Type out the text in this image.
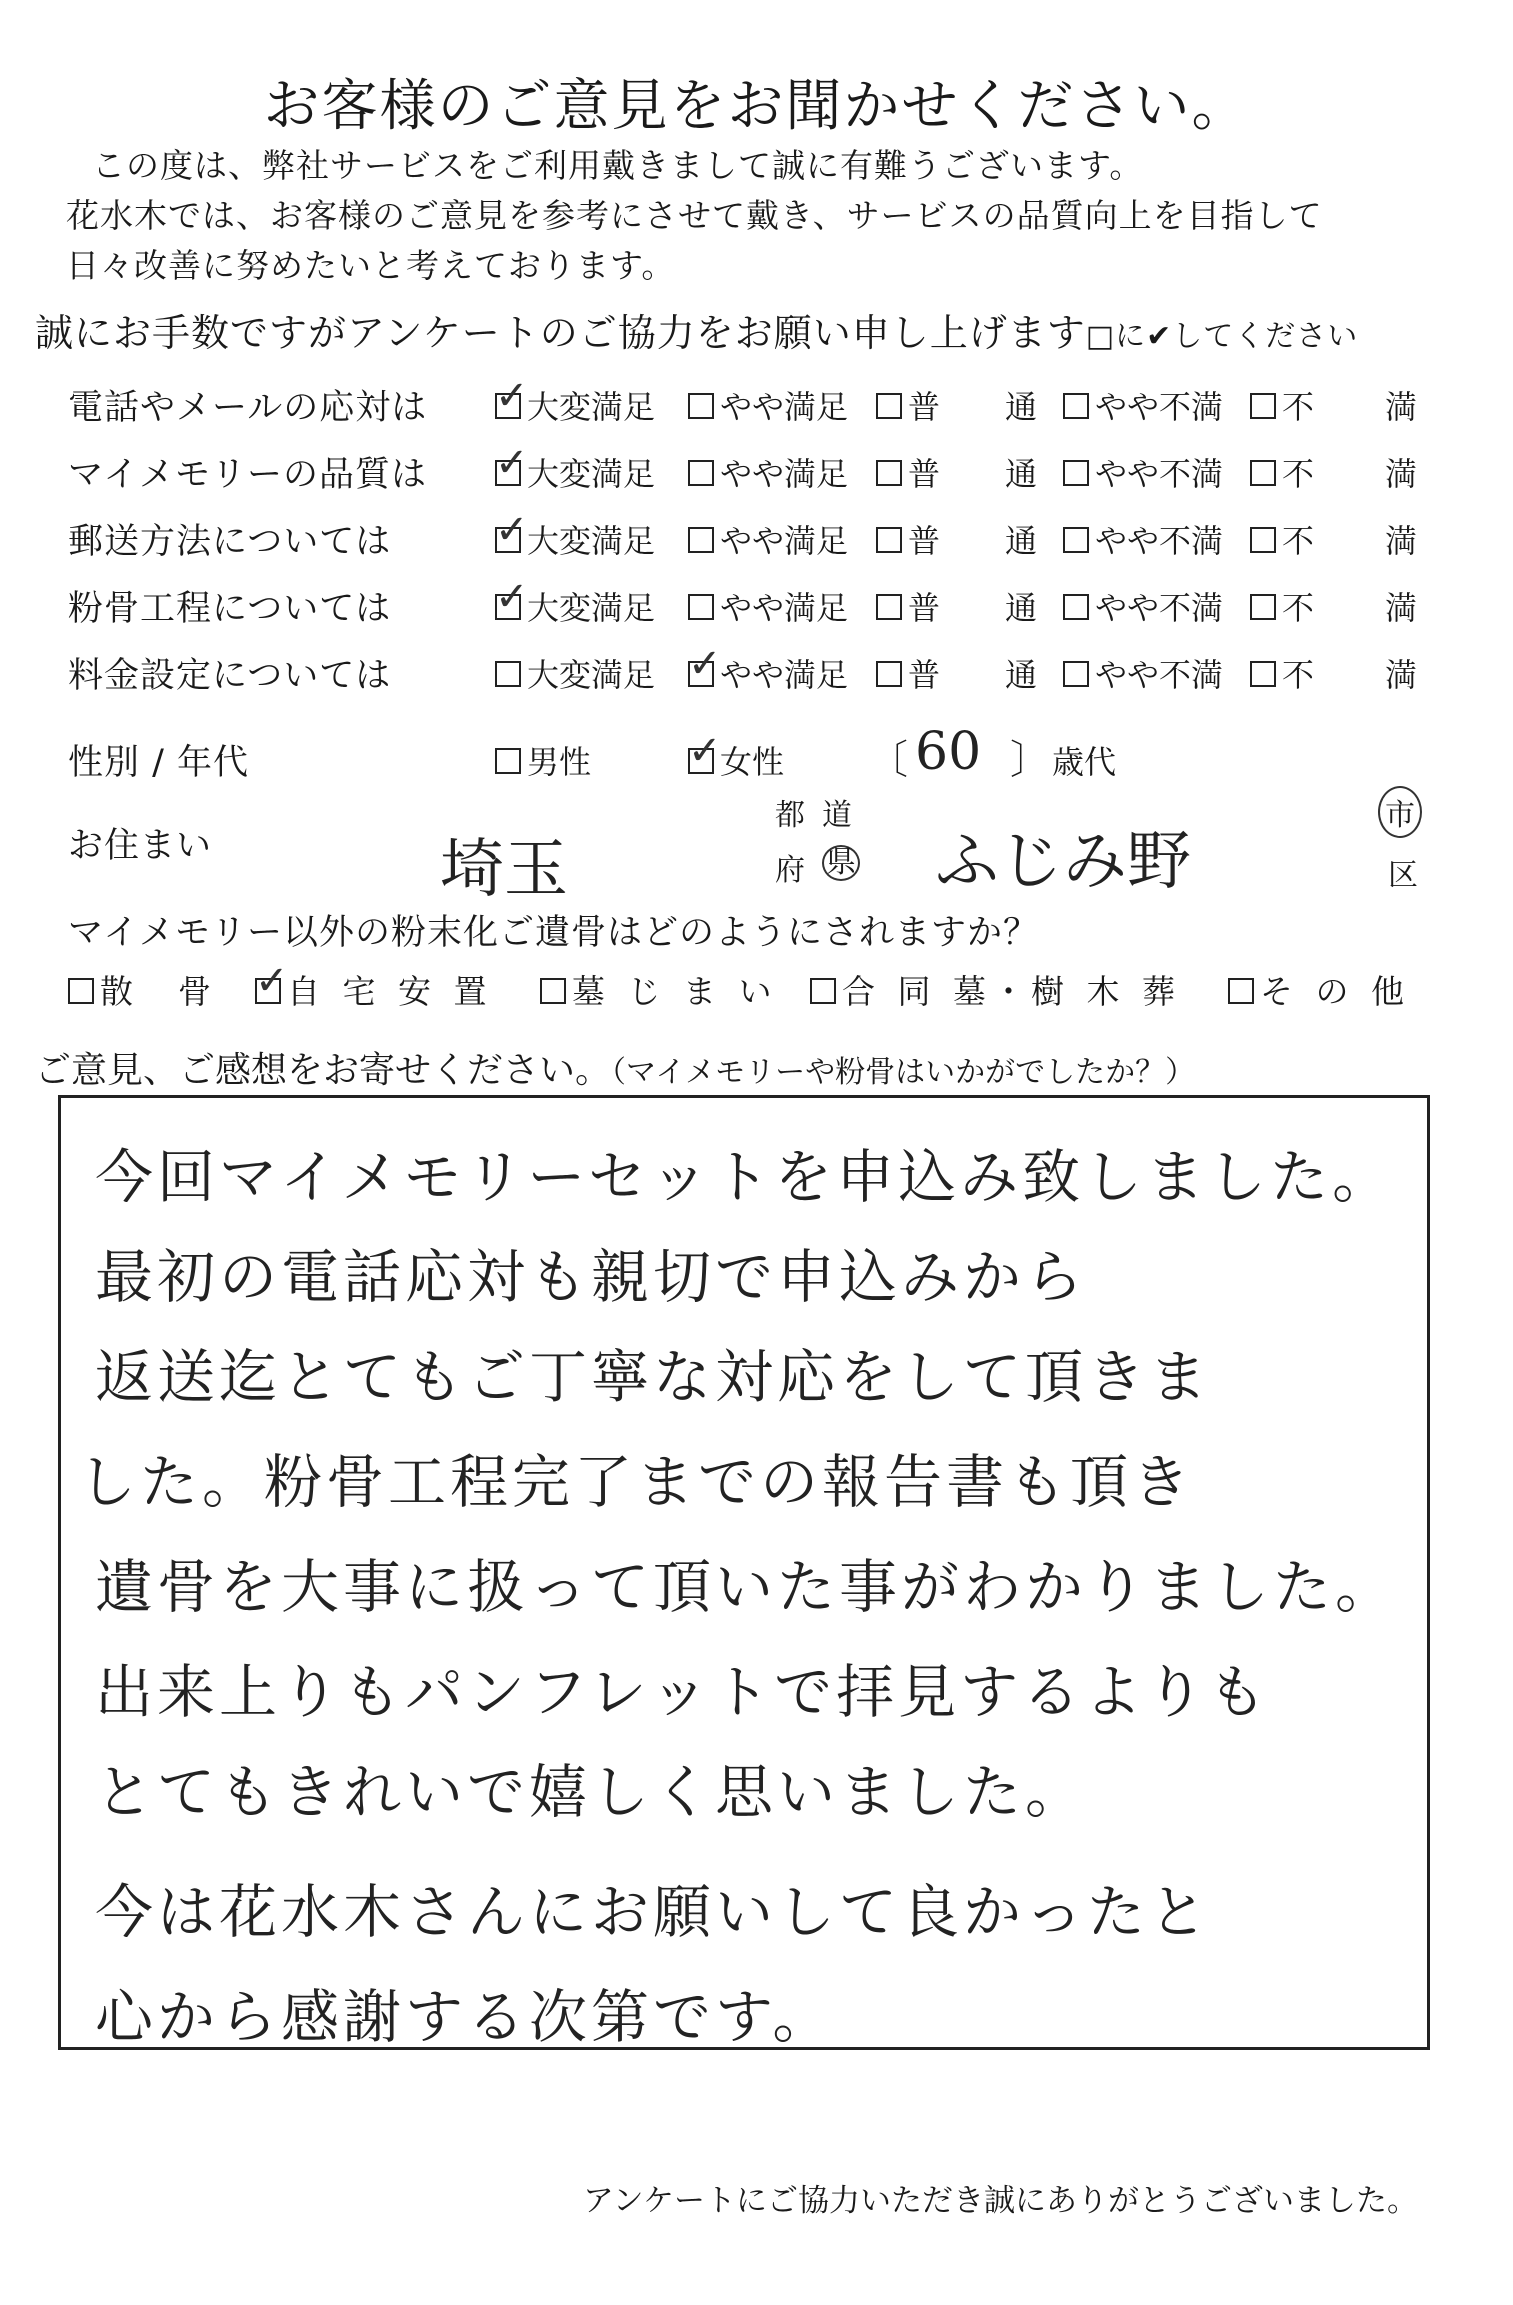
お客様のご意見をお聞かせください。
この度は、弊社サービスをご利用戴きまして誠に有難うございます。
花水木では、お客様のご意見を参考にさせて戴き、サービスの品質向上を目指して
日々改善に努めたいと考えております。
誠にお手数ですがアンケートのご協力をお願い申し上げます□に✔してください
電話やメールの応対は ✓	大変満足 やや満足 普 通 やや不満 不 満
マイメモリーの品質は ✓	大変満足 やや満足 普 通 やや不満 不 満
郵送方法については ✓	大変満足 やや満足 普 通 やや不満 不 満
粉骨工程については ✓	大変満足 やや満足 普 通 やや不満 不 満
料金設定については	大変満足 ✓ やや満足 普 通 やや不満 不 満
性別 / 年代	男性 ✓	女性 〔 60 〕 歳代
お住まい	埼玉
都 道
府 県 ふじみ野
市
区
マイメモリー以外の粉末化ご遺骨はどのようにされますか？
散　骨 ✓ 自 宅 安 置 墓 じ ま い 合 同 墓・樹 木 葬 そ の 他
ご意見、ご感想をお寄せください。（マイメモリーや粉骨はいかがでしたか？）
今回マイメモリーセットを申込み致しました。
最初の電話応対も親切で申込みから
返送迄とてもご丁寧な対応をして頂きま
した。粉骨工程完了までの報告書も頂き
遺骨を大事に扱って頂いた事がわかりました。
出来上りもパンフレットで拝見するよりも
とてもきれいで嬉しく思いました。
今は花水木さんにお願いして良かったと
心から感謝する次第です。
アンケートにご協力いただき誠にありがとうございました。
